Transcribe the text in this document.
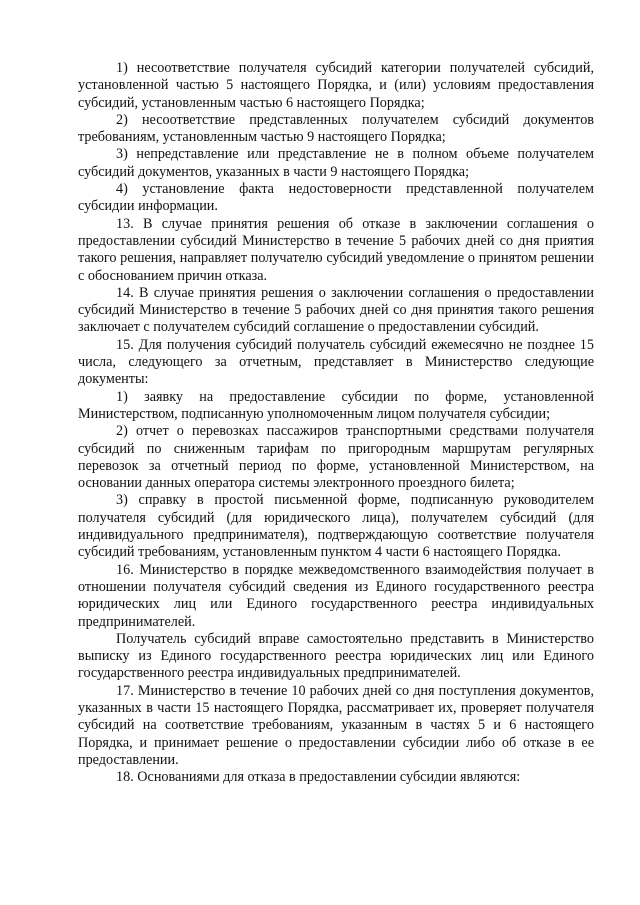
1) несоответствие получателя субсидий категории получателей субсидий, установленной частью 5 настоящего Порядка, и (или) условиям предоставления субсидий, установленным частью 6 настоящего Порядка;

2) несоответствие представленных получателем субсидий документов требованиям, установленным частью 9 настоящего Порядка;

3) непредставление или представление не в полном объеме получателем субсидий документов, указанных в части 9 настоящего Порядка;

4) установление факта недостоверности представленной получателем субсидии информации.

13. В случае принятия решения об отказе в заключении соглашения о предоставлении субсидий Министерство в течение 5 рабочих дней со дня приятия такого решения, направляет получателю субсидий уведомление о принятом решении с обоснованием причин отказа.

14. В случае принятия решения о заключении соглашения о предоставлении субсидий Министерство в течение 5 рабочих дней со дня принятия такого решения заключает с получателем субсидий соглашение о предоставлении субсидий.

15. Для получения субсидий получатель субсидий ежемесячно не позднее 15 числа, следующего за отчетным, представляет в Министерство следующие документы:

1) заявку на предоставление субсидии по форме, установленной Министерством, подписанную уполномоченным лицом получателя субсидии;

2) отчет о перевозках пассажиров транспортными средствами получателя субсидий по сниженным тарифам по пригородным маршрутам регулярных перевозок за отчетный период по форме, установленной Министерством, на основании данных оператора системы электронного проездного билета;

3) справку в простой письменной форме, подписанную руководителем получателя субсидий (для юридического лица), получателем субсидий (для индивидуального предпринимателя), подтверждающую соответствие получателя субсидий требованиям, установленным пунктом 4 части 6 настоящего Порядка.

16. Министерство в порядке межведомственного взаимодействия получает в отношении получателя субсидий сведения из Единого государственного реестра юридических лиц или Единого государственного реестра индивидуальных предпринимателей.

Получатель субсидий вправе самостоятельно представить в Министерство выписку из Единого государственного реестра юридических лиц или Единого государственного реестра индивидуальных предпринимателей.

17. Министерство в течение 10 рабочих дней со дня поступления документов, указанных в части 15 настоящего Порядка, рассматривает их, проверяет получателя субсидий на соответствие требованиям, указанным в частях 5 и 6 настоящего Порядка, и принимает решение о предоставлении субсидии либо об отказе в ее предоставлении.

18. Основаниями для отказа в предоставлении субсидии являются:
